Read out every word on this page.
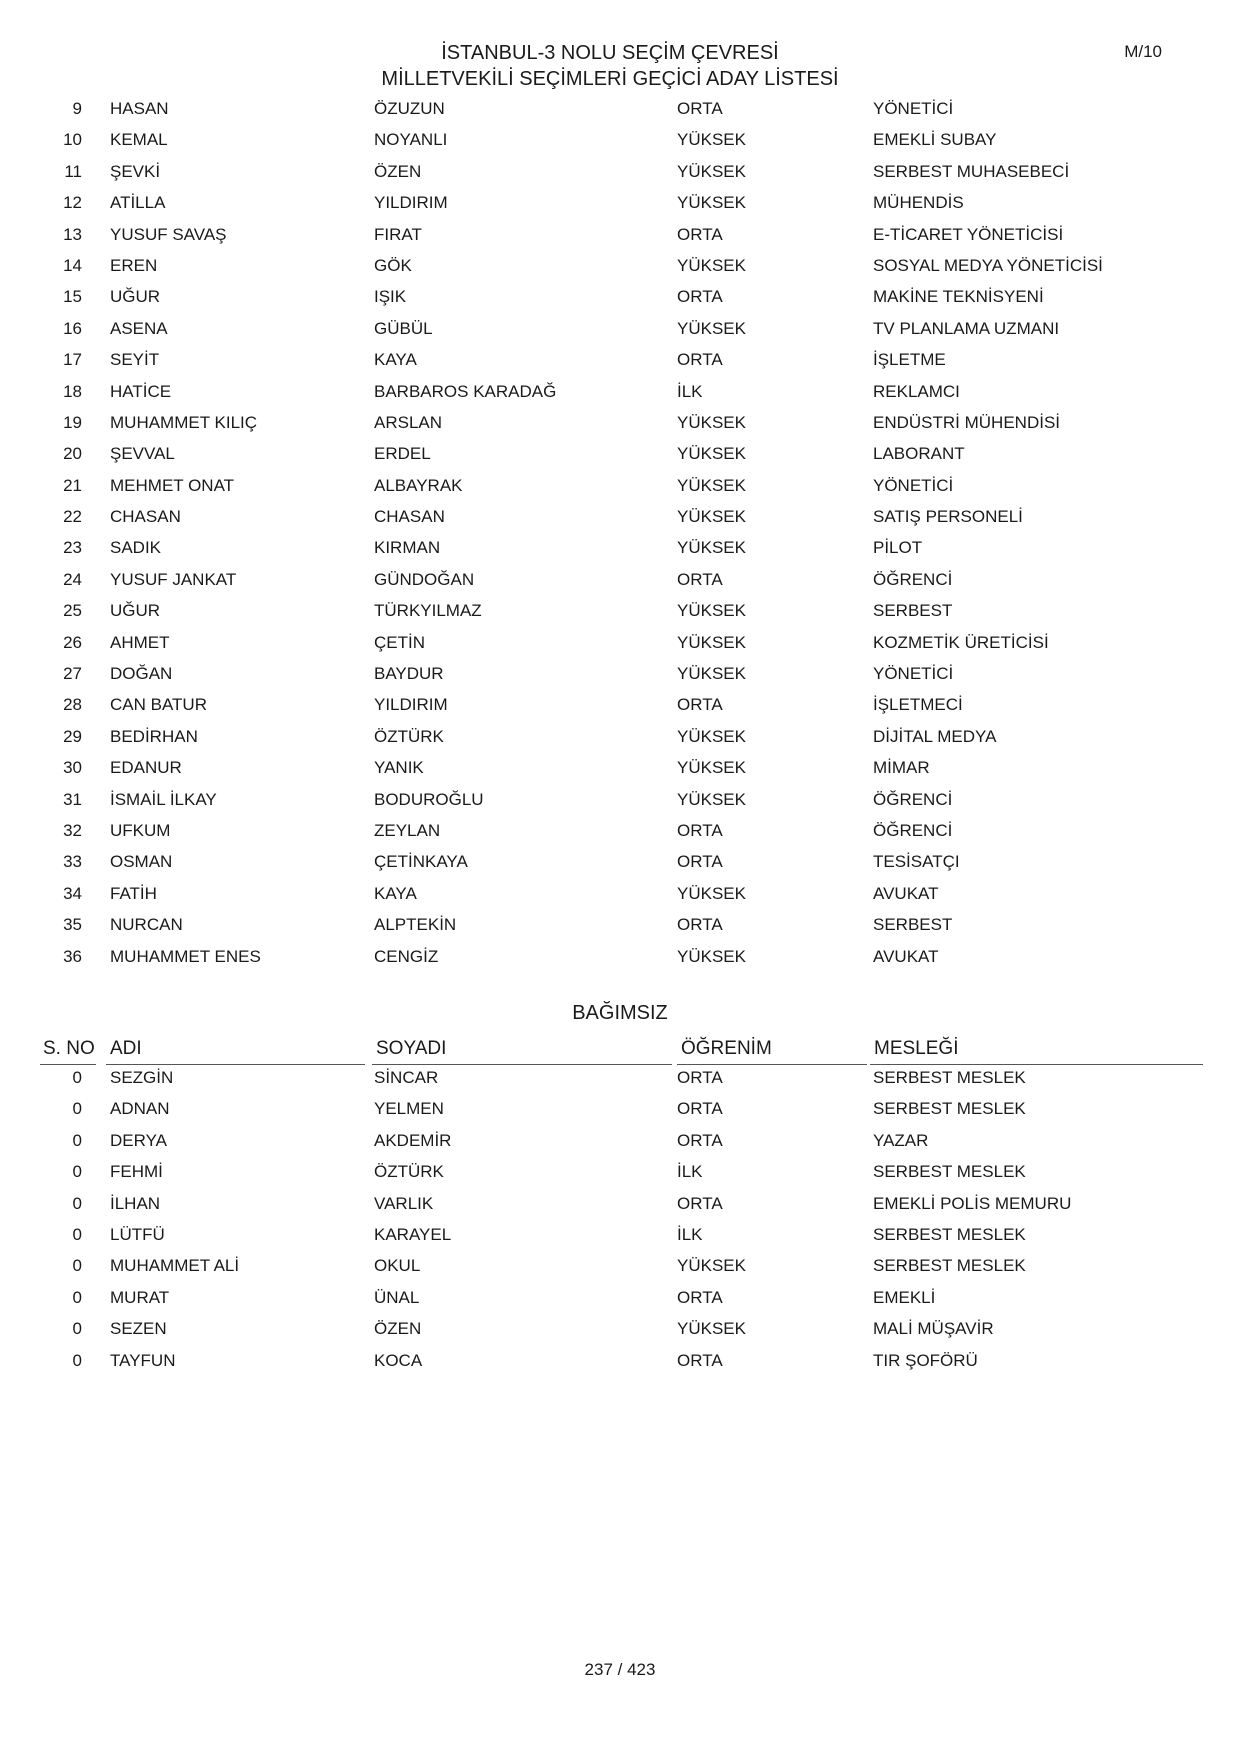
M/10
İSTANBUL-3 NOLU SEÇİM ÇEVRESİ
MİLLETVEKİLİ SEÇİMLERİ GEÇİCİ ADAY LİSTESİ
9 HASAN	ÖZUZUN	ORTA	YÖNETİCİ
10 KEMAL	NOYANLI	YÜKSEK	EMEKLİ SUBAY
11 ŞEVKİ	ÖZEN	YÜKSEK	SERBEST MUHASEBECİ
12 ATİLLA	YILDIRIM	YÜKSEK	MÜHENDİS
13 YUSUF SAVAŞ	FIRAT	ORTA	E-TİCARET YÖNETİCİSİ
14 EREN	GÖK	YÜKSEK	SOSYAL MEDYA YÖNETİCİSİ
15 UĞUR	IŞIK	ORTA	MAKİNE TEKNİSYENİ
16 ASENA	GÜBÜL	YÜKSEK	TV PLANLAMA UZMANI
17 SEYİT	KAYA	ORTA	İŞLETME
18 HATİCE	BARBAROS KARADAĞ	İLK	REKLAMCI
19 MUHAMMET KILIÇ	ARSLAN	YÜKSEK	ENDÜSTRİ MÜHENDİSİ
20 ŞEVVAL	ERDEL	YÜKSEK	LABORANT
21 MEHMET ONAT	ALBAYRAK	YÜKSEK	YÖNETİCİ
22 CHASAN	CHASAN	YÜKSEK	SATIŞ PERSONELİ
23 SADIK	KIRMAN	YÜKSEK	PİLOT
24 YUSUF JANKAT	GÜNDOĞAN	ORTA	ÖĞRENCİ
25 UĞUR	TÜRKYILMAZ	YÜKSEK	SERBEST
26 AHMET	ÇETİN	YÜKSEK	KOZMETİK ÜRETİCİSİ
27 DOĞAN	BAYDUR	YÜKSEK	YÖNETİCİ
28 CAN BATUR	YILDIRIM	ORTA	İŞLETMECİ
29 BEDİRHAN	ÖZTÜRK	YÜKSEK	DİJİTAL MEDYA
30 EDANUR	YANIK	YÜKSEK	MİMAR
31 İSMAİL İLKAY	BODUROĞLU	YÜKSEK	ÖĞRENCİ
32 UFKUM	ZEYLAN	ORTA	ÖĞRENCİ
33 OSMAN	ÇETİNKAYA	ORTA	TESİSATÇI
34 FATİH	KAYA	YÜKSEK	AVUKAT
35 NURCAN	ALPTEKİN	ORTA	SERBEST
36 MUHAMMET ENES	CENGİZ	YÜKSEK	AVUKAT
BAĞIMSIZ
S. NO ADI	SOYADI	ÖĞRENİM	MESLEĞİ
0 SEZGİN	SİNCAR	ORTA	SERBEST MESLEK
0 ADNAN	YELMEN	ORTA	SERBEST MESLEK
0 DERYA	AKDEMİR	ORTA	YAZAR
0 FEHMİ	ÖZTÜRK	İLK	SERBEST MESLEK
0 İLHAN	VARLIK	ORTA	EMEKLİ POLİS MEMURU
0 LÜTFÜ	KARAYEL	İLK	SERBEST MESLEK
0 MUHAMMET ALİ	OKUL	YÜKSEK	SERBEST MESLEK
0 MURAT	ÜNAL	ORTA	EMEKLİ
0 SEZEN	ÖZEN	YÜKSEK	MALİ MÜŞAVİR
0 TAYFUN	KOCA	ORTA	TIR ŞOFÖRÜ
237 / 423
